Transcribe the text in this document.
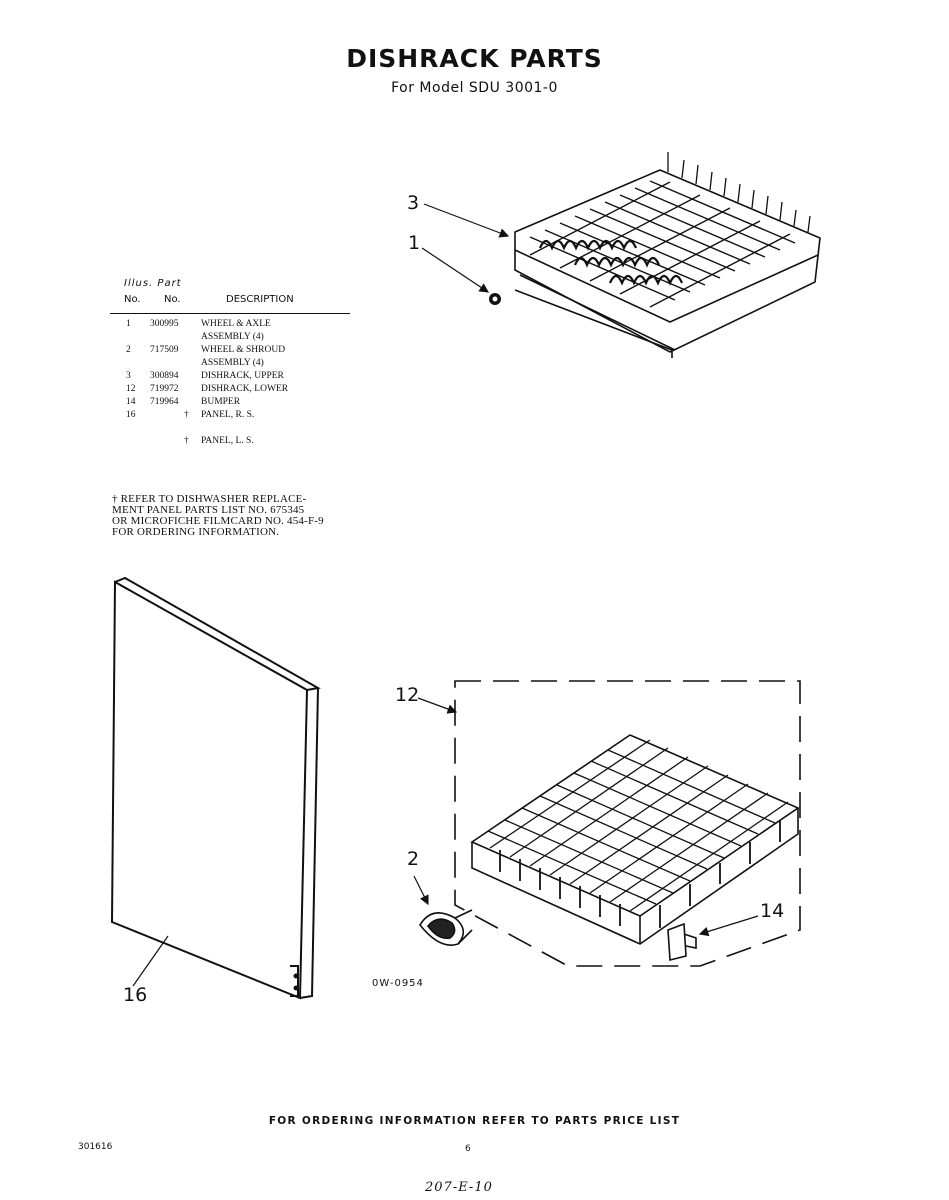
DISHRACK PARTS
For Model SDU 3001-0
Illus. Part
No. No.	DESCRIPTION
1 300995 WHEEL & AXLE
ASSEMBLY (4)
2 717509 WHEEL & SHROUD
ASSEMBLY (4)
3 300894 DISHRACK, UPPER
12 719972 DISHRACK, LOWER
14 719964 BUMPER
16	† PANEL, R. S.
† PANEL, L. S.
† REFER TO DISHWASHER REPLACE-
MENT PANEL PARTS LIST NO. 675345
OR MICROFICHE FILMCARD NO. 454-F-9
FOR ORDERING INFORMATION.
3
1
12
2
14
16
0W-0954
FOR ORDERING INFORMATION REFER TO PARTS PRICE LIST
301616	6
207-E-10
